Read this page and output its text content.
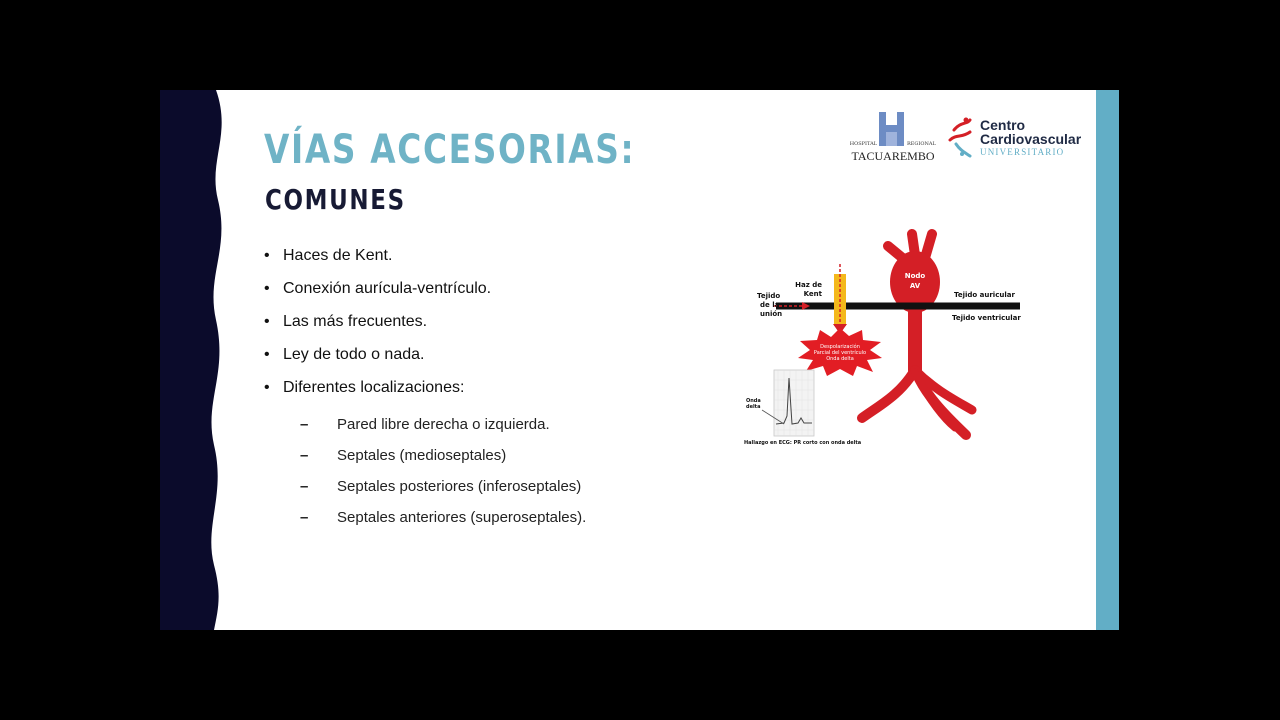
VÍAS ACCESORIAS:
COMUNES
• Haces de Kent.
• Conexión aurícula-ventrículo.
• Las más frecuentes.
• Ley de todo o nada.
• Diferentes localizaciones:
– Pared libre derecha o izquierda.
– Septales (medioseptales)
– Septales posteriores (inferoseptales)
– Septales anteriores (superoseptales).
HOSPITAL	REGIONAL
TACUAREMBO
Centro
Cardiovascular
UNIVERSITARIO
Despolarización
Parcial del ventrículo
Onda delta
Nodo
AV
Haz de
Kent
Tejido
de la
unión
Tejido auricular
Tejido ventricular
Onda
delta
Hallazgo en ECG: PR corto con onda delta
